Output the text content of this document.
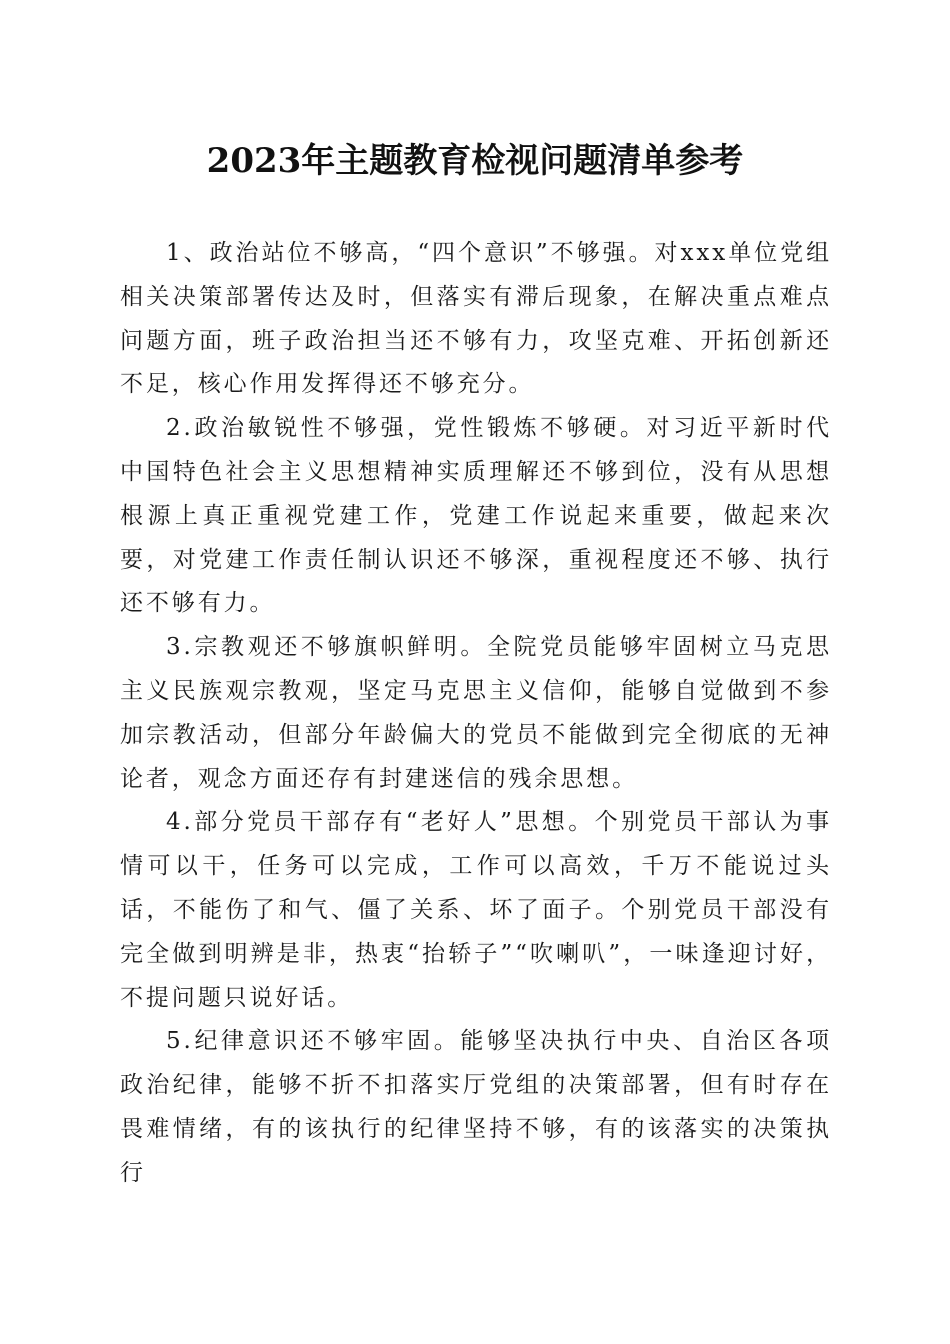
2023年主题教育检视问题清单参考

1、政治站位不够高，“四个意识”不够强。对xxx单位党组相关决策部署传达及时，但落实有滞后现象，在解决重点难点问题方面，班子政治担当还不够有力，攻坚克难、开拓创新还不足，核心作用发挥得还不够充分。

2.政治敏锐性不够强，党性锻炼不够硬。对习近平新时代中国特色社会主义思想精神实质理解还不够到位，没有从思想根源上真正重视党建工作，党建工作说起来重要，做起来次要，对党建工作责任制认识还不够深，重视程度还不够、执行还不够有力。

3.宗教观还不够旗帜鲜明。全院党员能够牢固树立马克思主义民族观宗教观，坚定马克思主义信仰，能够自觉做到不参加宗教活动，但部分年龄偏大的党员不能做到完全彻底的无神论者，观念方面还存有封建迷信的残余思想。

4.部分党员干部存有“老好人”思想。个别党员干部认为事情可以干，任务可以完成，工作可以高效，千万不能说过头话，不能伤了和气、僵了关系、坏了面子。个别党员干部没有完全做到明辨是非，热衷“抬轿子”“吹喇叭”，一味逢迎讨好，不提问题只说好话。

5.纪律意识还不够牢固。能够坚决执行中央、自治区各项政治纪律，能够不折不扣落实厅党组的决策部署，但有时存在畏难情绪，有的该执行的纪律坚持不够，有的该落实的决策执行
